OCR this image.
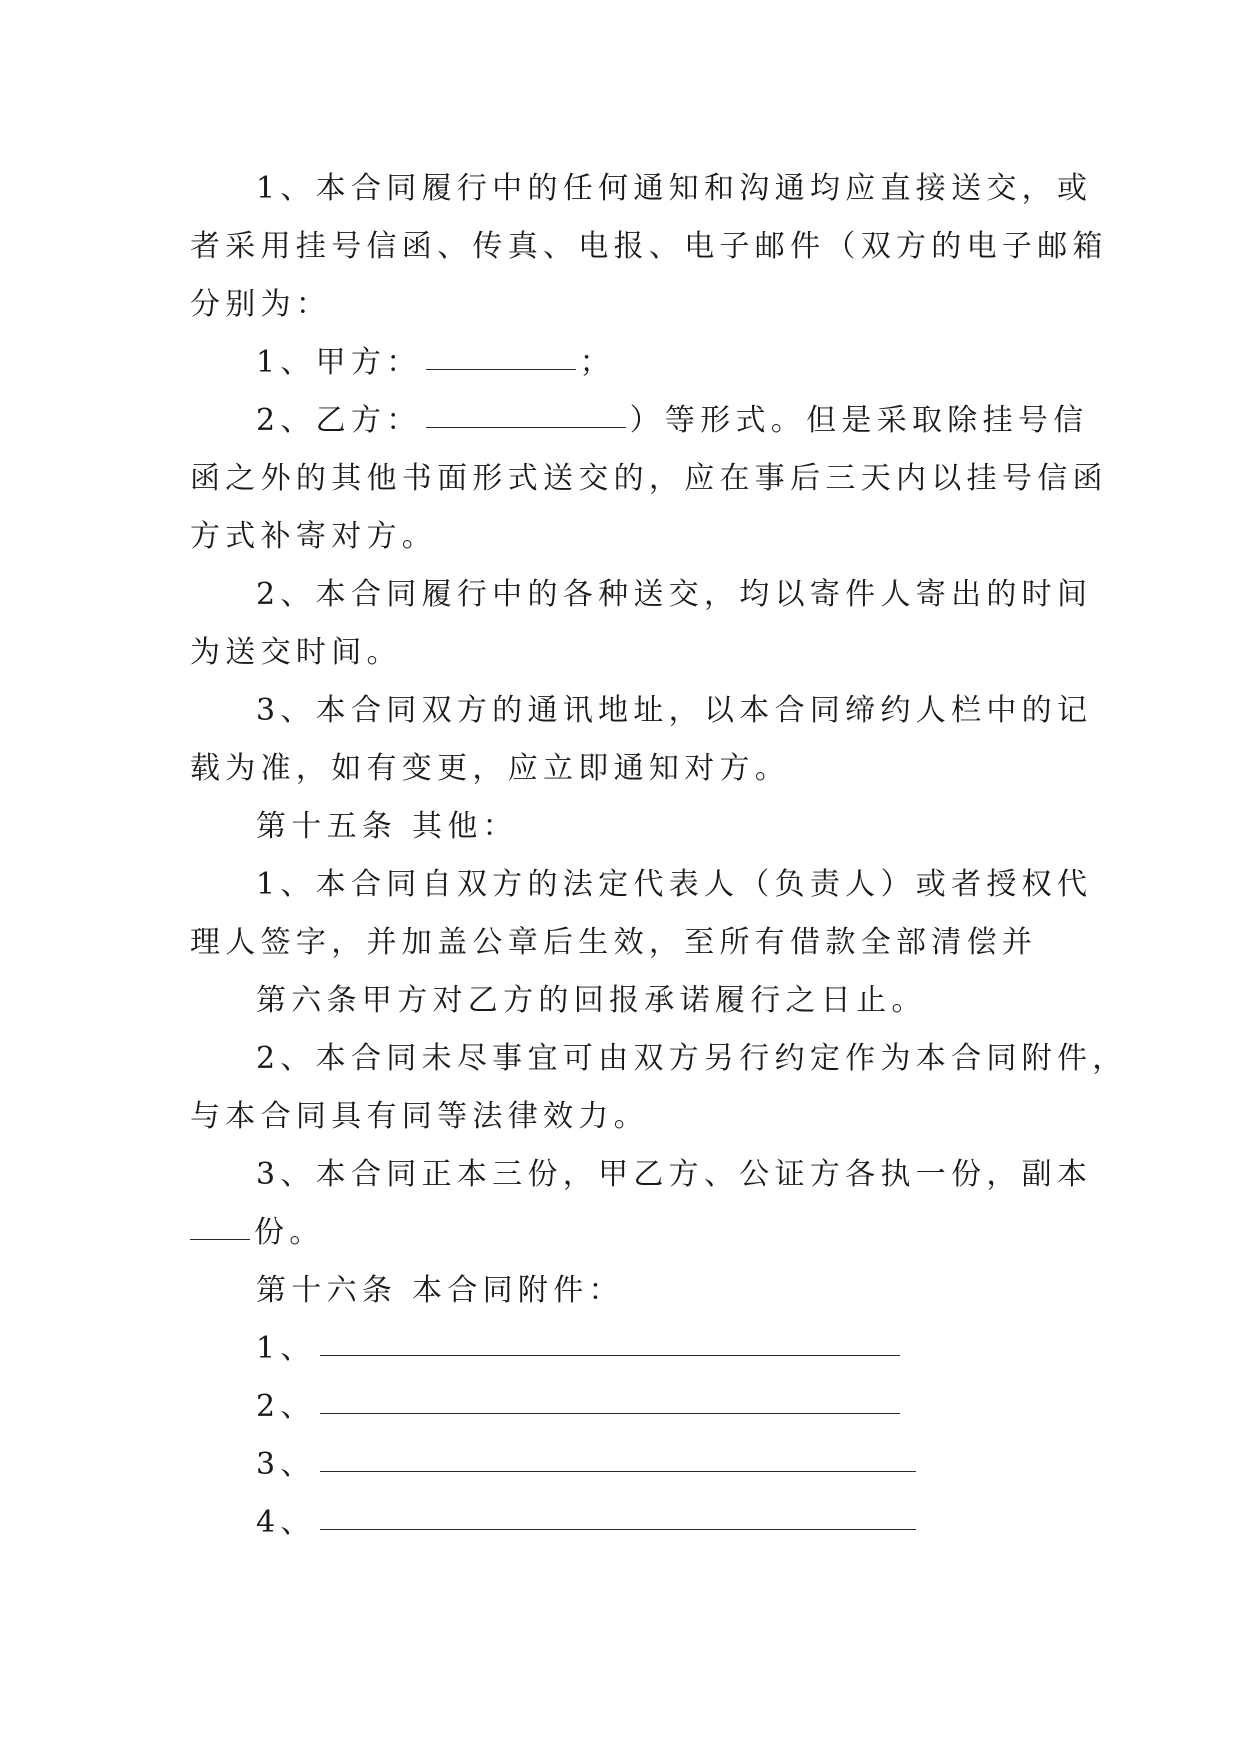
1、本合同履行中的任何通知和沟通均应直接送交，或

者采用挂号信函、传真、电报、电子邮件（双方的电子邮箱

分别为：

1、甲方：	；

2、乙方：	）等形式。但是采取除挂号信

函之外的其他书面形式送交的，应在事后三天内以挂号信函

方式补寄对方。

2、本合同履行中的各种送交，均以寄件人寄出的时间

为送交时间。

3、本合同双方的通讯地址，以本合同缔约人栏中的记

载为准，如有变更，应立即通知对方。

第十五条 其他：

1、本合同自双方的法定代表人（负责人）或者授权代

理人签字，并加盖公章后生效，至所有借款全部清偿并

第六条甲方对乙方的回报承诺履行之日止。

2、本合同未尽事宜可由双方另行约定作为本合同附件，

与本合同具有同等法律效力。

3、本合同正本三份，甲乙方、公证方各执一份，副本

份。

第十六条 本合同附件：

1、

2、

3、

4、
